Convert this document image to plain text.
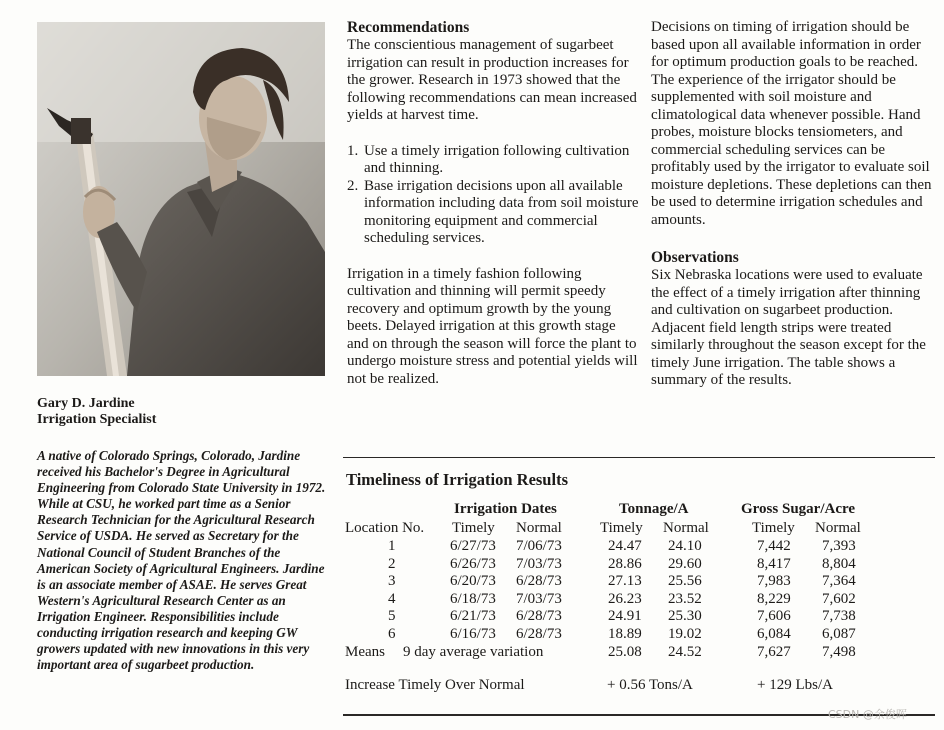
Gary D. Jardine
Irrigation Specialist

A native of Colorado Springs, Colorado, Jardine received his Bachelor's Degree in Agricultural Engineering from Colorado State University in 1972. While at CSU, he worked part time as a Senior Research Technician for the Agricultural Research Service of USDA. He served as Secretary for the National Council of Student Branches of the American Society of Agricultural Engineers. Jardine is an associate member of ASAE. He serves Great Western's Agricultural Research Center as an Irrigation Engineer. Responsibilities include conducting irrigation research and keeping GW growers updated with new innovations in this very important area of sugarbeet production.

Recommendations

The conscientious management of sugarbeet irrigation can result in production increases for the grower. Research in 1973 showed that the following recommendations can mean increased yields at harvest time.

1. Use a timely irrigation following cultivation and thinning.
2. Base irrigation decisions upon all available information including data from soil moisture monitoring equipment and commercial scheduling services.

Irrigation in a timely fashion following cultivation and thinning will permit speedy recovery and optimum growth by the young beets. Delayed irrigation at this growth stage and on through the season will force the plant to undergo moisture stress and potential yields will not be realized.

Decisions on timing of irrigation should be based upon all available information in order for optimum production goals to be reached. The experience of the irrigator should be supplemented with soil moisture and climatological data whenever possible. Hand probes, moisture blocks tensiometers, and commercial scheduling services can be profitably used by the irrigator to evaluate soil moisture depletions. These depletions can then be used to determine irrigation schedules and amounts.

Observations

Six Nebraska locations were used to evaluate the effect of a timely irrigation after thinning and cultivation on sugarbeet production. Adjacent field length strips were treated similarly throughout the season except for the timely June irrigation. The table shows a summary of the results.

Timeliness of Irrigation Results
Irrigation Dates	Tonnage/A	Gross Sugar/Acre
Location No. Timely Normal	Timely Normal	Timely Normal
1	6/27/73 7/06/73	24.47 24.10	7,442 7,393
2	6/26/73 7/03/73	28.86 29.60	8,417 8,804
3	6/20/73 6/28/73	27.13 25.56	7,983 7,364
4	6/18/73 7/03/73	26.23 23.52	8,229 7,602
5	6/21/73 6/28/73	24.91 25.30	7,606 7,738
6	6/16/73 6/28/73	18.89 19.02	6,084 6,087
Means 9 day average variation	25.08 24.52	7,627 7,498
Increase Timely Over Normal	+ 0.56 Tons/A	+ 129 Lbs/A
CSDN @余俊晖
